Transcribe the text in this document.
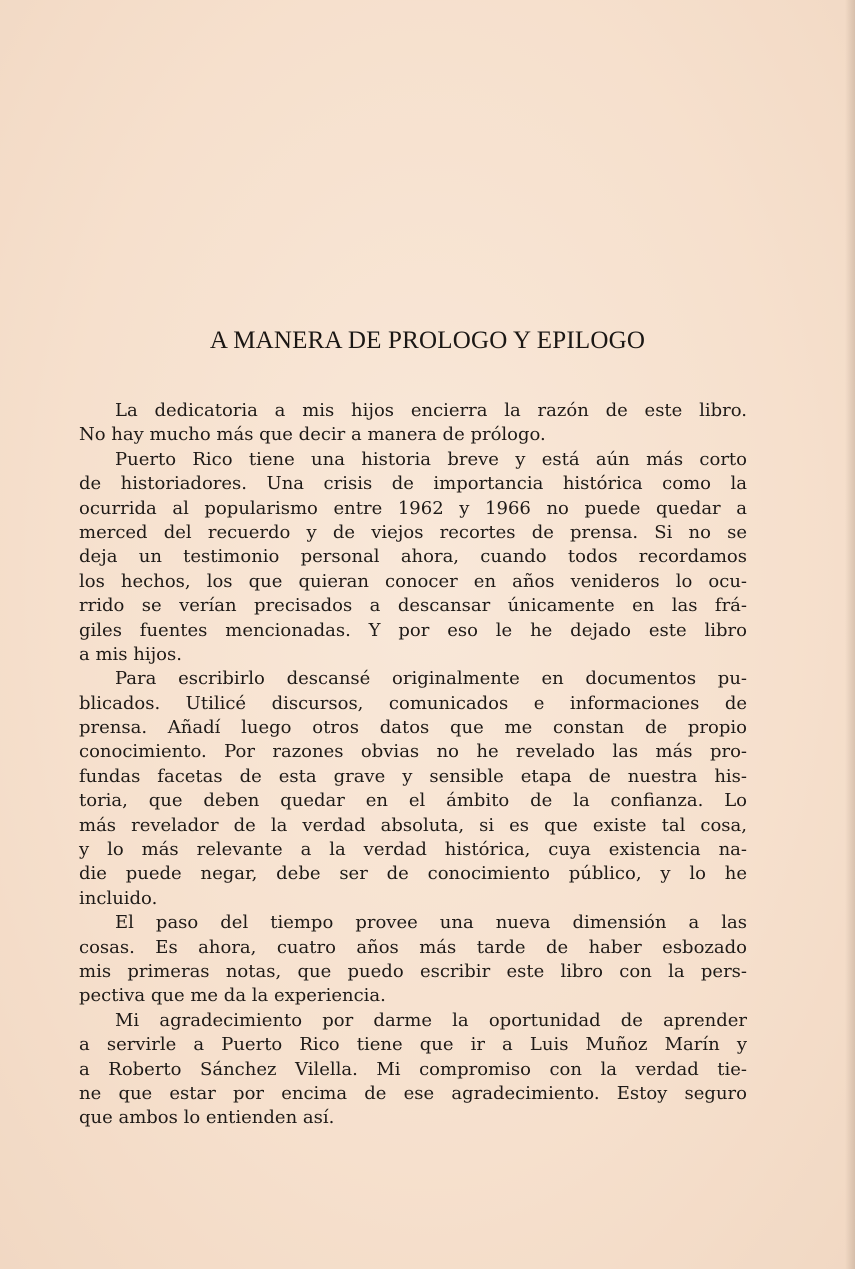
A MANERA DE PROLOGO Y EPILOGO
La dedicatoria a mis hijos encierra la razón de este libro.
No hay mucho más que decir a manera de prólogo.
Puerto Rico tiene una historia breve y está aún más corto
de historiadores. Una crisis de importancia histórica como la
ocurrida al popularismo entre 1962 y 1966 no puede quedar a
merced del recuerdo y de viejos recortes de prensa. Si no se
deja un testimonio personal ahora, cuando todos recordamos
los hechos, los que quieran conocer en años venideros lo ocu-
rrido se verían precisados a descansar únicamente en las frá-
giles fuentes mencionadas. Y por eso le he dejado este libro
a mis hijos.
Para escribirlo descansé originalmente en documentos pu-
blicados. Utilicé discursos, comunicados e informaciones de
prensa. Añadí luego otros datos que me constan de propio
conocimiento. Por razones obvias no he revelado las más pro-
fundas facetas de esta grave y sensible etapa de nuestra his-
toria, que deben quedar en el ámbito de la confianza. Lo
más revelador de la verdad absoluta, si es que existe tal cosa,
y lo más relevante a la verdad histórica, cuya existencia na-
die puede negar, debe ser de conocimiento público, y lo he
incluido.
El paso del tiempo provee una nueva dimensión a las
cosas. Es ahora, cuatro años más tarde de haber esbozado
mis primeras notas, que puedo escribir este libro con la pers-
pectiva que me da la experiencia.
Mi agradecimiento por darme la oportunidad de aprender
a servirle a Puerto Rico tiene que ir a Luis Muñoz Marín y
a Roberto Sánchez Vilella. Mi compromiso con la verdad tie-
ne que estar por encima de ese agradecimiento. Estoy seguro
que ambos lo entienden así.
